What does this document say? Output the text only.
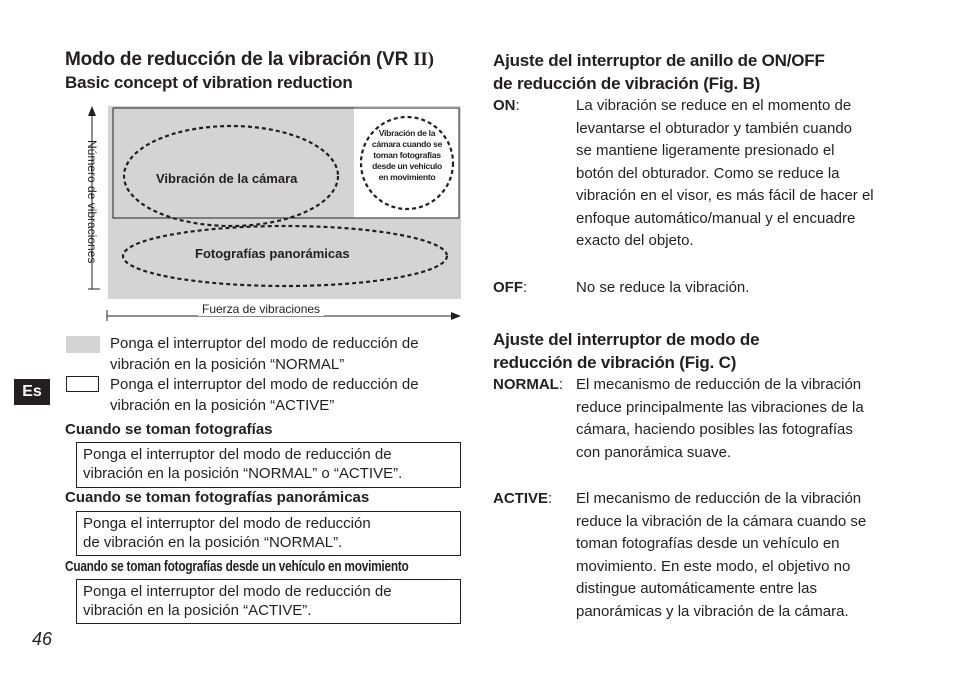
Modo de reducción de la vibración (VR II)
Basic concept of vibration reduction
Número de vibraciones
Fuerza de vibraciones
Vibración de la cámara
Fotografías panorámicas
Vibración de la
cámara cuando se
toman fotografías
desde un vehículo
en movimiento
Ponga el interruptor del modo de reducción de
vibración en la posición “NORMAL”
Ponga el interruptor del modo de reducción de
vibración en la posición “ACTIVE”
Cuando se toman fotografías
Ponga el interruptor del modo de reducción de
vibración en la posición “NORMAL” o “ACTIVE”.
Cuando se toman fotografías panorámicas
Ponga el interruptor del modo de reducción
de vibración en la posición “NORMAL”.
Cuando se toman fotografías desde un vehículo en movimiento
Ponga el interruptor del modo de reducción de
vibración en la posición “ACTIVE”.
Es
46
Ajuste del interruptor de anillo de ON/OFF
de reducción de vibración (Fig. B)
ON:	La vibración se reduce en el momento de
levantarse el obturador y también cuando
se mantiene ligeramente presionado el
botón del obturador. Como se reduce la
vibración en el visor, es más fácil de hacer el
enfoque automático/manual y el encuadre
exacto del objeto.
OFF:	No se reduce la vibración.
Ajuste del interruptor de modo de
reducción de vibración (Fig. C)
NORMAL: El mecanismo de reducción de la vibración
reduce principalmente las vibraciones de la
cámara, haciendo posibles las fotografías
con panorámica suave.
ACTIVE: El mecanismo de reducción de la vibración
reduce la vibración de la cámara cuando se
toman fotografías desde un vehículo en
movimiento. En este modo, el objetivo no
distingue automáticamente entre las
panorámicas y la vibración de la cámara.
